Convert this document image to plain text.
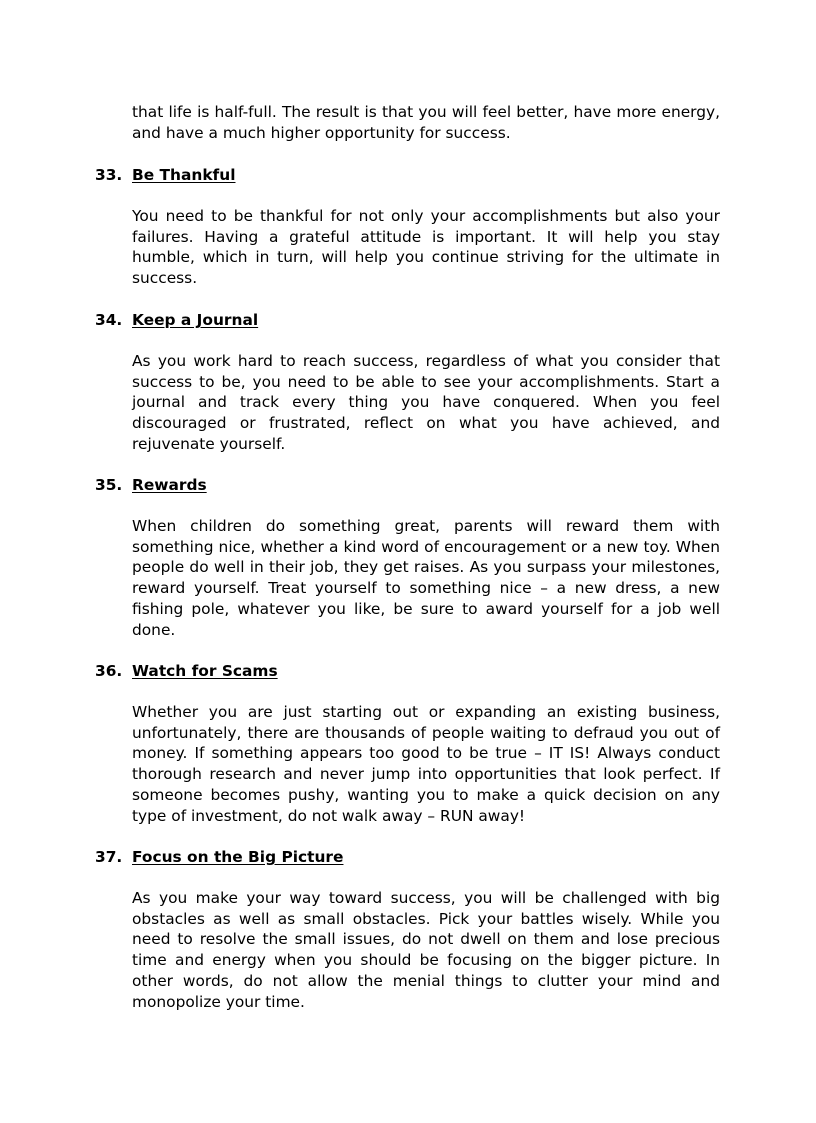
that life is half-full. The result is that you will feel better, have more energy, and have a much higher opportunity for success.

33. Be Thankful

You need to be thankful for not only your accomplishments but also your failures. Having a grateful attitude is important. It will help you stay humble, which in turn, will help you continue striving for the ultimate in success.

34. Keep a Journal

As you work hard to reach success, regardless of what you consider that success to be, you need to be able to see your accomplishments. Start a journal and track every thing you have conquered. When you feel discouraged or frustrated, reflect on what you have achieved, and rejuvenate yourself.

35. Rewards

When children do something great, parents will reward them with something nice, whether a kind word of encouragement or a new toy. When people do well in their job, they get raises. As you surpass your milestones, reward yourself. Treat yourself to something nice – a new dress, a new fishing pole, whatever you like, be sure to award yourself for a job well done.

36. Watch for Scams

Whether you are just starting out or expanding an existing business, unfortunately, there are thousands of people waiting to defraud you out of money. If something appears too good to be true – IT IS! Always conduct thorough research and never jump into opportunities that look perfect. If someone becomes pushy, wanting you to make a quick decision on any type of investment, do not walk away – RUN away!

37. Focus on the Big Picture

As you make your way toward success, you will be challenged with big obstacles as well as small obstacles. Pick your battles wisely. While you need to resolve the small issues, do not dwell on them and lose precious time and energy when you should be focusing on the bigger picture. In other words, do not allow the menial things to clutter your mind and monopolize your time.
